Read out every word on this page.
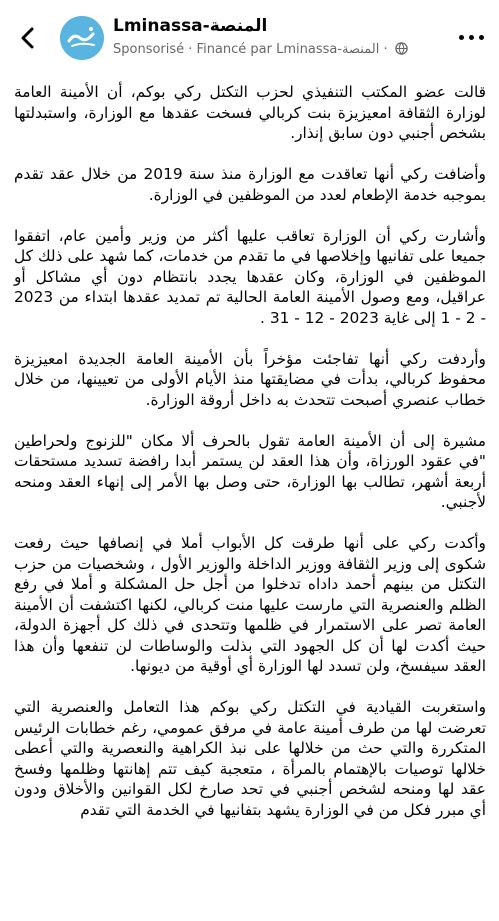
Lminassa-المنصة
Sponsorisé · Financé par Lminassa-المنصة ·

قالت عضو المكتب التنفيذي لحزب التكتل ركي بوكم، أن الأمينة العامة لوزارة الثقافة امعيزيزة بنت كربالي فسخت عقدها مع الوزارة، واستبدلتها بشخص أجنبي دون سابق إنذار.

وأضافت ركي أنها تعاقدت مع الوزارة منذ سنة 2019 من خلال عقد تقدم بموجبه خدمة الإطعام لعدد من الموظفين في الوزارة.

وأشارت ركي أن الوزارة تعاقب عليها أكثر من وزير وأمين عام، اتفقوا جميعا على تفانيها وإخلاصها في ما تقدم من خدمات، كما شهد على ذلك كل الموظفين في الوزارة، وكان عقدها يجدد بانتظام دون أي مشاكل أو عراقيل، ومع وصول الأمينة العامة الحالية تم تمديد عقدها ابتداء من 2023 - 2 - 1 إلى غاية 2023 - 12 - 31 .

وأردفت ركي أنها تفاجئت مؤخراً بأن الأمينة العامة الجديدة امعيزيزة محفوظ كربالي، بدأت في مضايقتها منذ الأيام الأولى من تعيينها، من خلال خطاب عنصري أصبحت تتحدث به داخل أروقة الوزارة.

مشيرة إلى أن الأمينة العامة تقول بالحرف ألا مكان "للزنوج ولحراطين "في عقود الورزاة، وأن هذا العقد لن يستمر أبدا رافضة تسديد مستحقات أربعة أشهر، تطالب بها الوزارة، حتى وصل بها الأمر إلى إنهاء العقد ومنحه لأجنبي.

وأكدت ركي على أنها طرقت كل الأبواب أملا في إنصافها حيث رفعت شكوى إلى وزير الثقافة ووزير الداخلة والوزير الأول ، وشخصيات من حزب التكتل من بينهم أحمد داداه تدخلوا من أجل حل المشكلة و أملا في رفع الظلم والعنصرية التي مارست عليها منت كربالي، لكنها اكتشفت أن الأمينة العامة تصر على الاستمرار في ظلمها وتتحدى في ذلك كل أجهزة الدولة، حيث أكدت لها أن كل الجهود التي بذلت والوساطات لن تنفعها وأن هذا العقد سيفسخ، ولن تسدد لها الوزارة أي أوقية من ديونها.

واستغربت القيادية في التكتل ركي بوكم هذا التعامل والعنصرية التي تعرضت لها من طرف أمينة عامة في مرفق عمومي، رغم خطابات الرئيس المتكررة والتي حث من خلالها على نبذ الكراهية والنعصرية والتي أعطى خلالها توصيات بالإهتمام بالمرأة ، متعجبة كيف تتم إهانتها وظلمها وفسخ عقد لها ومنحه لشخص أجنبي في تحد صارخ لكل القوانين والأخلاق ودون أي مبرر فكل من في الوزارة يشهد بتفانيها في الخدمة التي تقدم
